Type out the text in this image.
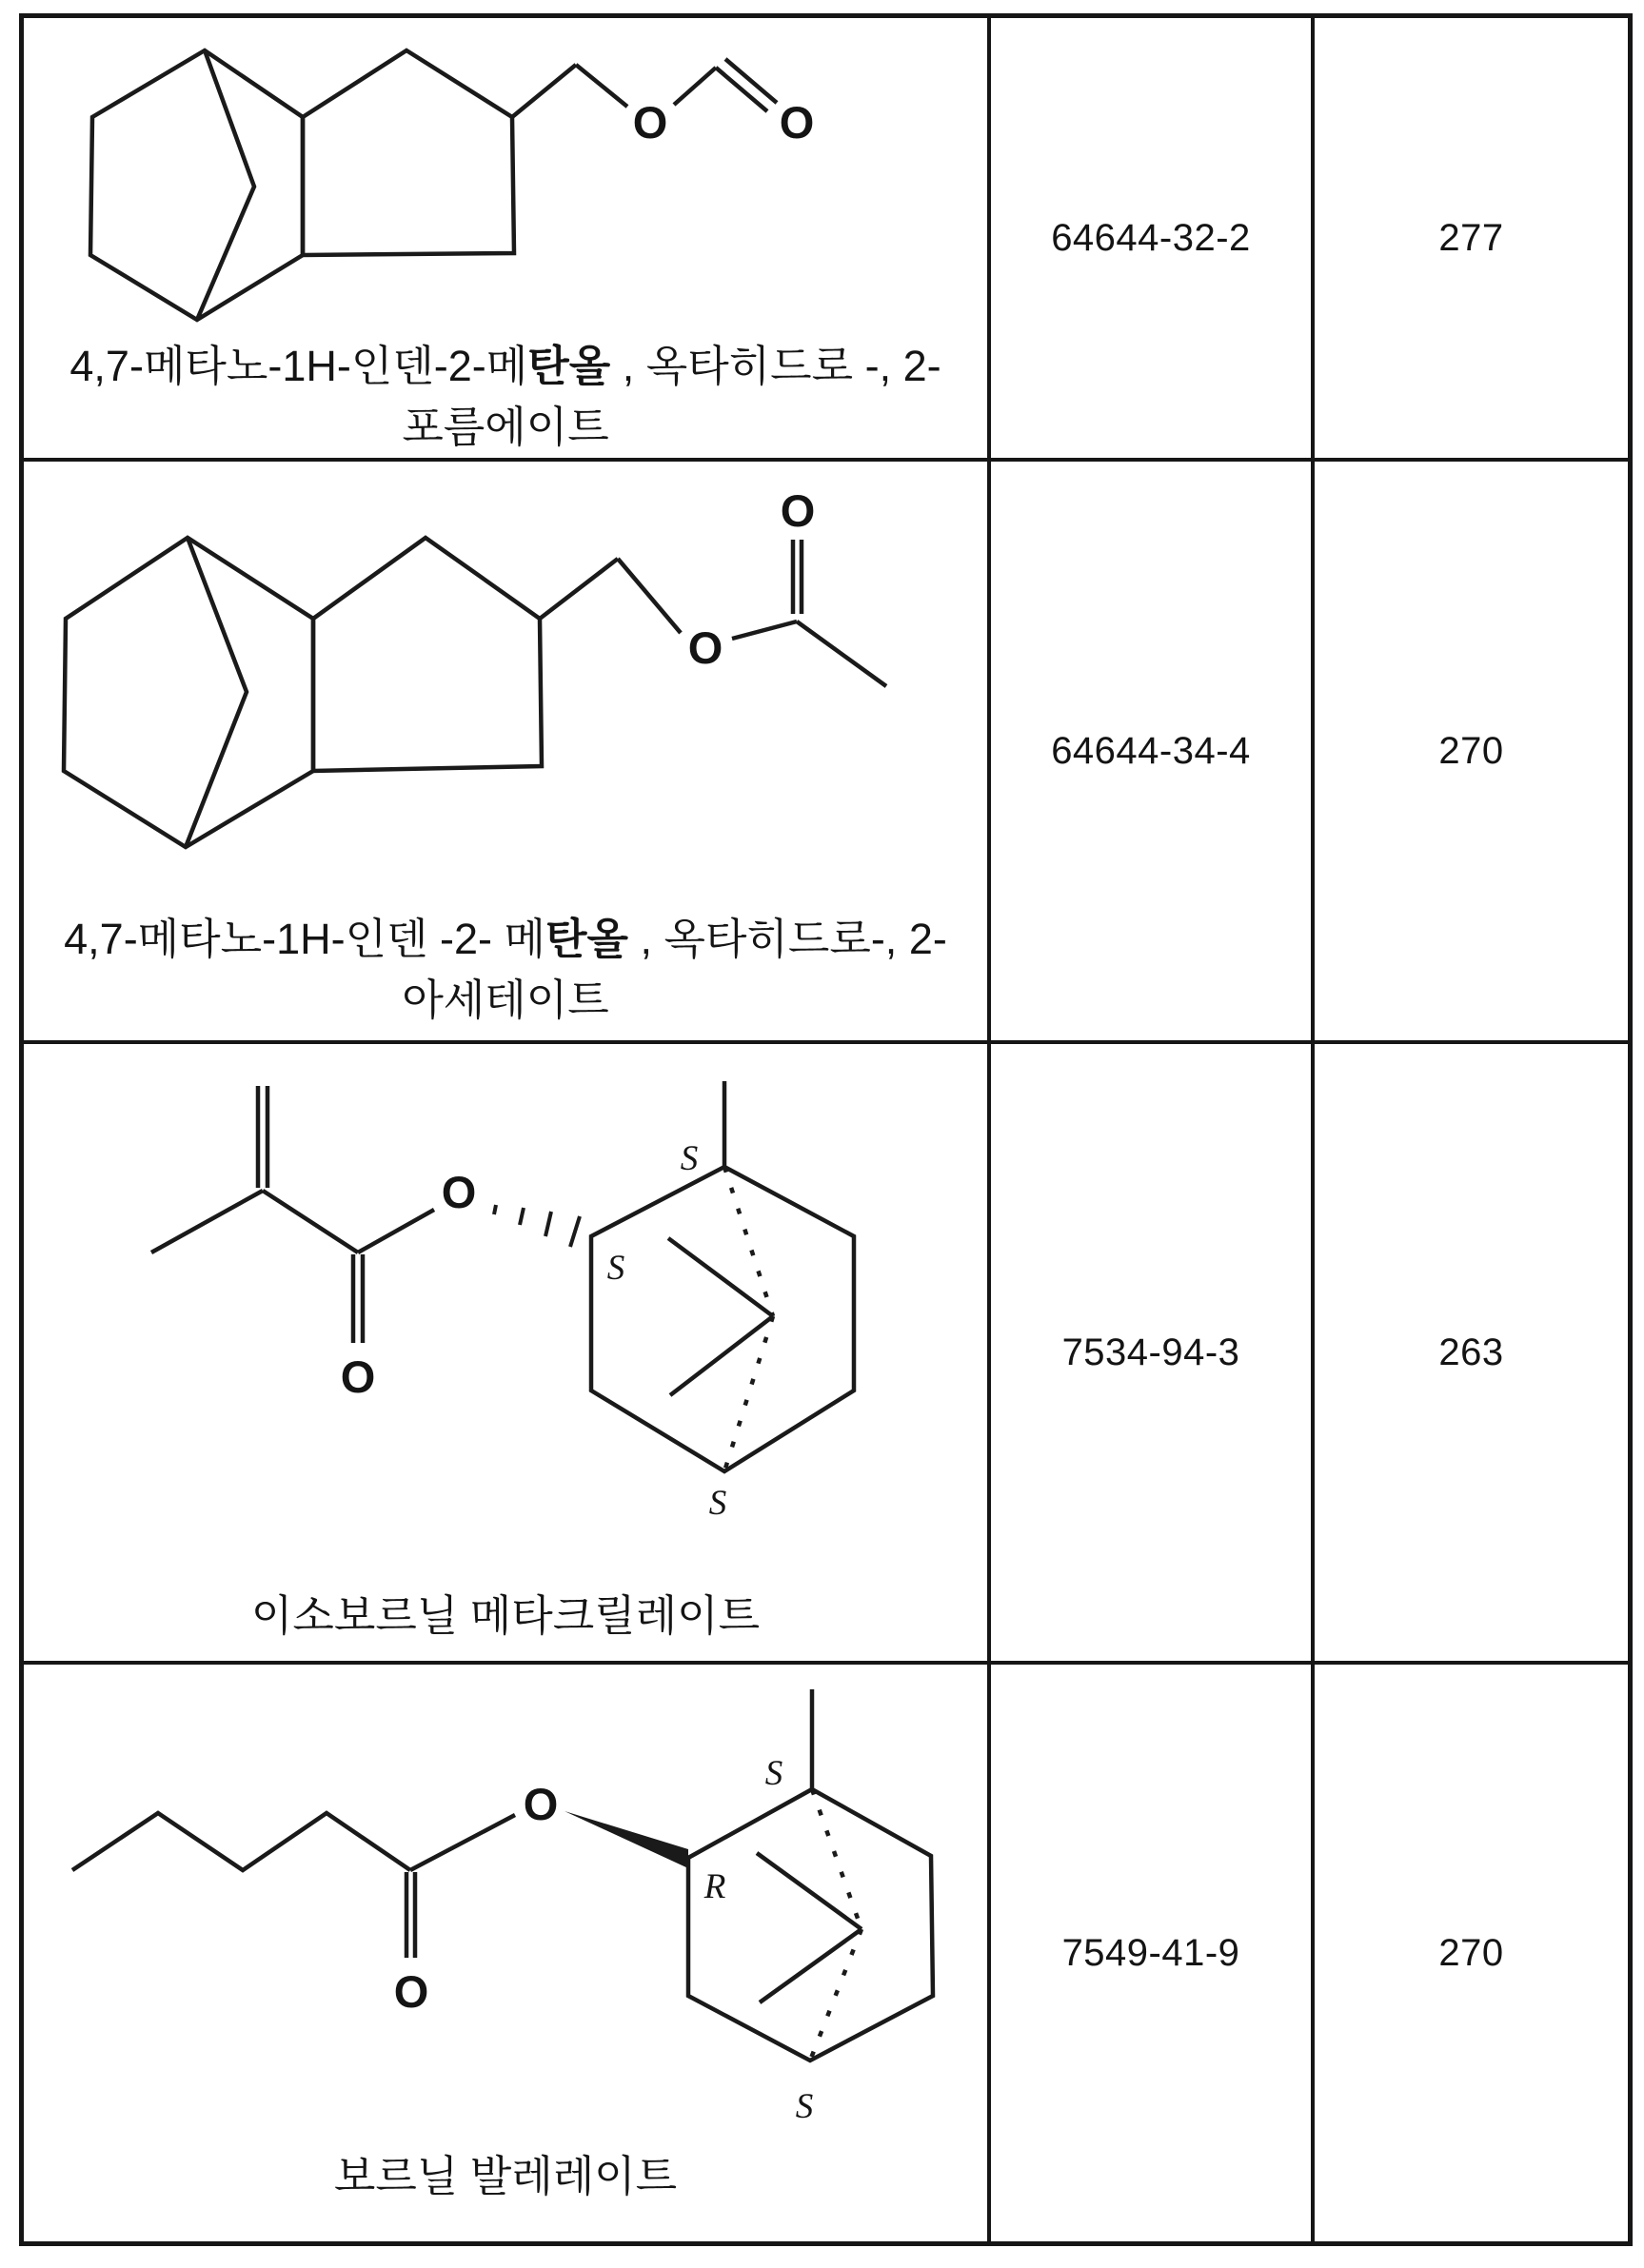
O O
4,7-메타노-1H-인덴-2-메탄올 , 옥타히드로 -, 2-
포름에이트
64644-32-2	277
O
O
4,7-메타노-1H-인덴 -2- 메탄올 , 옥타히드로-, 2-
아세테이트
64644-34-4	270
O
O
S
S
S
이소보르닐 메타크릴레이트
7534-94-3	263
O
O
R
S
S
보르닐 발레레이트
7549-41-9	270
